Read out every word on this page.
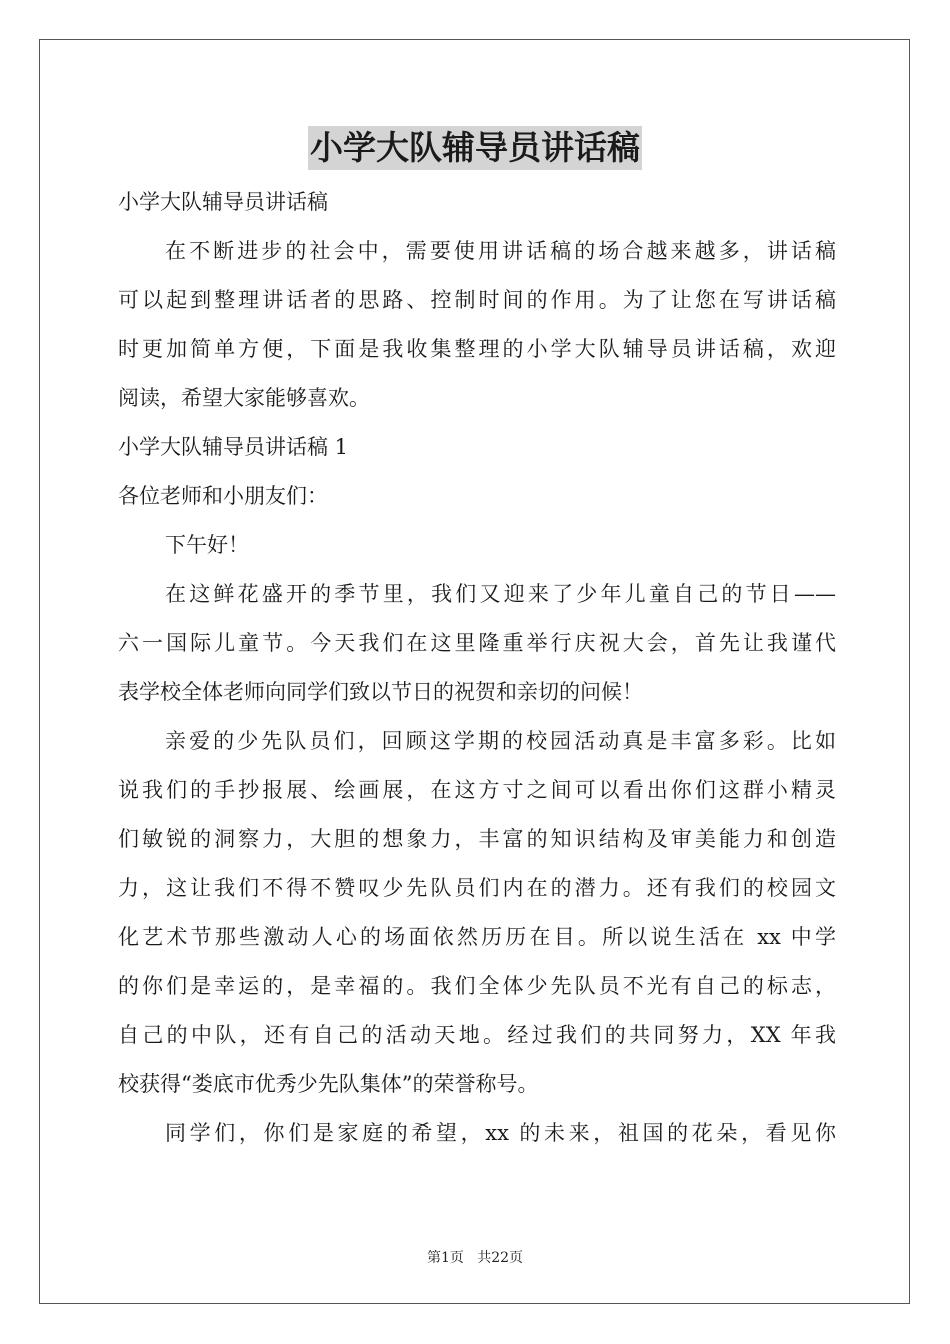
小学大队辅导员讲话稿
小学大队辅导员讲话稿
在不断进步的社会中，需要使用讲话稿的场合越来越多，讲话稿
可以起到整理讲话者的思路、控制时间的作用。为了让您在写讲话稿
时更加简单方便，下面是我收集整理的小学大队辅导员讲话稿，欢迎
阅读，希望大家能够喜欢。
小学大队辅导员讲话稿 1
各位老师和小朋友们：
下午好！
在这鲜花盛开的季节里，我们又迎来了少年儿童自己的节日——
六一国际儿童节。今天我们在这里隆重举行庆祝大会，首先让我谨代
表学校全体老师向同学们致以节日的祝贺和亲切的问候！
亲爱的少先队员们，回顾这学期的校园活动真是丰富多彩。比如
说我们的手抄报展、绘画展，在这方寸之间可以看出你们这群小精灵
们敏锐的洞察力，大胆的想象力，丰富的知识结构及审美能力和创造
力，这让我们不得不赞叹少先队员们内在的潜力。还有我们的校园文
化艺术节那些激动人心的场面依然历历在目。所以说生活在 xx 中学
的你们是幸运的，是幸福的。我们全体少先队员不光有自己的标志，
自己的中队，还有自己的活动天地。经过我们的共同努力，XX 年我
校获得“娄底市优秀少先队集体”的荣誉称号。
同学们，你们是家庭的希望，xx 的未来，祖国的花朵，看见你
第1页 共22页
